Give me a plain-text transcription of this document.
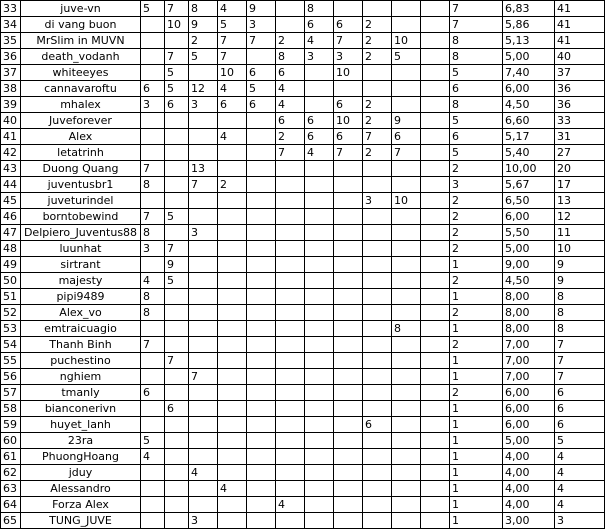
33	juve-vn	5	7	8	4	9		8					7	6,83	41
34	di vang buon		10	9	5	3		6	6	2			7	5,86	41
35	MrSlim in MUVN			2	7	7	2	4	7	2	10		8	5,13	41
36	death_vodanh		7	5	7		8	3	3	2	5		8	5,00	40
37	whiteeyes		5		10	6	6		10				5	7,40	37
38	cannavaroftu	6	5	12	4	5	4						6	6,00	36
39	mhalex	3	6	3	6	6	4		6	2			8	4,50	36
40	Juveforever						6	6	10	2	9		5	6,60	33
41	Alex				4		2	6	6	7	6		6	5,17	31
42	letatrinh						7	4	7	2	7		5	5,40	27
43	Duong Quang	7		13									2	10,00	20
44	juventusbr1	8		7	2								3	5,67	17
45	juveturindel									3	10		2	6,50	13
46	borntobewind	7	5										2	6,00	12
47	Delpiero_Juventus88	8		3									2	5,50	11
48	luunhat	3	7										2	5,00	10
49	sirtrant		9										1	9,00	9
50	majesty	4	5										2	4,50	9
51	pipi9489	8											1	8,00	8
52	Alex_vo	8											2	8,00	8
53	emtraicuagio										8		1	8,00	8
54	Thanh Binh	7											2	7,00	7
55	puchestino		7										1	7,00	7
56	nghiem			7									1	7,00	7
57	tmanly	6											2	6,00	6
58	bianconerivn		6										1	6,00	6
59	huyet_lanh									6			1	6,00	6
60	23ra	5											1	5,00	5
61	PhuongHoang	4											1	4,00	4
62	jduy			4									1	4,00	4
63	Alessandro				4								1	4,00	4
64	Forza Alex						4						1	4,00	4
65	TUNG_JUVE			3									1	3,00	3
